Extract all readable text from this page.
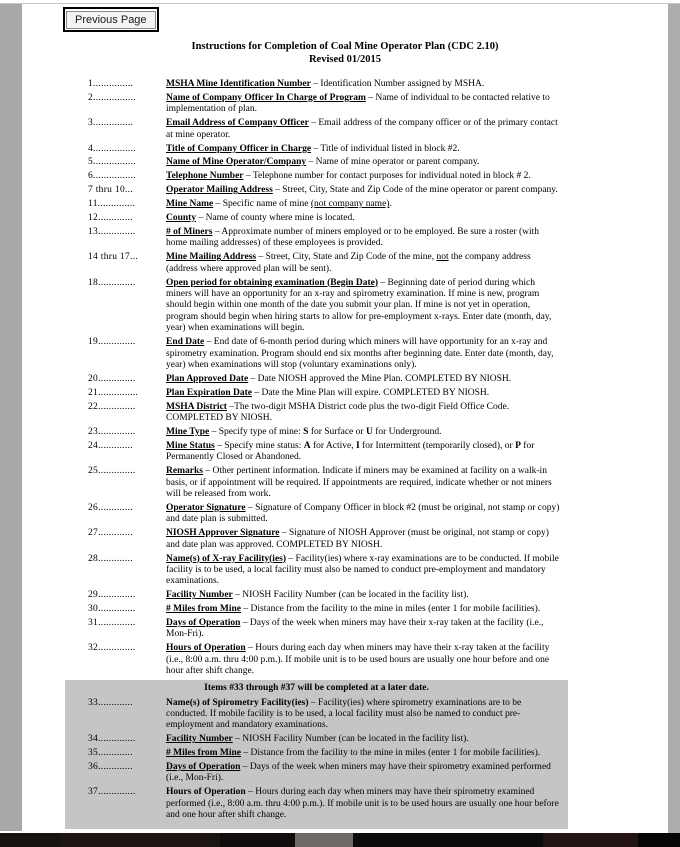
Previous Page
Instructions for Completion of Coal Mine Operator Plan (CDC 2.10)
Revised 01/2015
1...............	MSHA Mine Identification Number – Identification Number assigned by MSHA.
2................	Name of Company Officer In Charge of Program – Name of individual to be contacted relative to implementation of plan.
3...............	Email Address of Company Officer – Email address of the company officer or of the primary contact at mine operator.
4................	Title of Company Officer in Charge – Title of individual listed in block #2.
5................	Name of Mine Operator/Company – Name of mine operator or parent company.
6................	Telephone Number – Telephone number for contact purposes for individual noted in block # 2.
7 thru 10...	Operator Mailing Address – Street, City, State and Zip Code of the mine operator or parent company.
11..............	Mine Name – Specific name of mine (not company name).
12.............	County – Name of county where mine is located.
13..............	# of Miners – Approximate number of miners employed or to be employed. Be sure a roster (with home mailing addresses) of these employees is provided.
14 thru 17...	Mine Mailing Address – Street, City, State and Zip Code of the mine, not the company address (address where approved plan will be sent).
18..............	Open period for obtaining examination (Begin Date) – Beginning date of period during which miners will have an opportunity for an x-ray and spirometry examination. If mine is new, program should begin within one month of the date you submit your plan. If mine is not yet in operation, program should begin when hiring starts to allow for pre-employment x-rays. Enter date (month, day, year) when examinations will begin.
19..............	End Date – End date of 6-month period during which miners will have opportunity for an x-ray and spirometry examination. Program should end six months after beginning date. Enter date (month, day, year) when examinations will stop (voluntary examinations only).
20..............	Plan Approved Date – Date NIOSH approved the Mine Plan. COMPLETED BY NIOSH.
21...............	Plan Expiration Date – Date the Mine Plan will expire. COMPLETED BY NIOSH.
22..............	MSHA District –The two-digit MSHA District code plus the two-digit Field Office Code. COMPLETED BY NIOSH.
23..............	Mine Type – Specify type of mine: S for Surface or U for Underground.
24.............	Mine Status – Specify mine status: A for Active, I for Intermittent (temporarily closed), or P for Permanently Closed or Abandoned.
25..............	Remarks – Other pertinent information. Indicate if miners may be examined at facility on a walk-in basis, or if appointment will be required. If appointments are required, indicate whether or not miners will be released from work.
26.............	Operator Signature – Signature of Company Officer in block #2 (must be original, not stamp or copy) and date plan is submitted.
27.............	NIOSH Approver Signature – Signature of NIOSH Approver (must be original, not stamp or copy) and date plan was approved. COMPLETED BY NIOSH.
28.............	Name(s) of X-ray Facility(ies) – Facility(ies) where x-ray examinations are to be conducted. If mobile facility is to be used, a local facility must also be named to conduct pre-employment and mandatory examinations.
29..............	Facility Number – NIOSH Facility Number (can be located in the facility list).
30..............	# Miles from Mine – Distance from the facility to the mine in miles (enter 1 for mobile facilities).
31..............	Days of Operation – Days of the week when miners may have their x-ray taken at the facility (i.e., Mon-Fri).
32..............	Hours of Operation – Hours during each day when miners may have their x-ray taken at the facility (i.e., 8:00 a.m. thru 4:00 p.m.). If mobile unit is to be used hours are usually one hour before and one hour after shift change.
Items #33 through #37 will be completed at a later date.
33.............	Name(s) of Spirometry Facility(ies) – Facility(ies) where spirometry examinations are to be conducted. If mobile facility is to be used, a local facility must also be named to conduct pre-employment and mandatory examinations.
34..............	Facility Number – NIOSH Facility Number (can be located in the facility list).
35.............	# Miles from Mine – Distance from the facility to the mine in miles (enter 1 for mobile facilities).
36.............	Days of Operation – Days of the week when miners may have their spirometry examined performed (i.e., Mon-Fri).
37..............	Hours of Operation – Hours during each day when miners may have their spirometry examined performed (i.e., 8:00 a.m. thru 4:00 p.m.). If mobile unit is to be used hours are usually one hour before and one hour after shift change.
